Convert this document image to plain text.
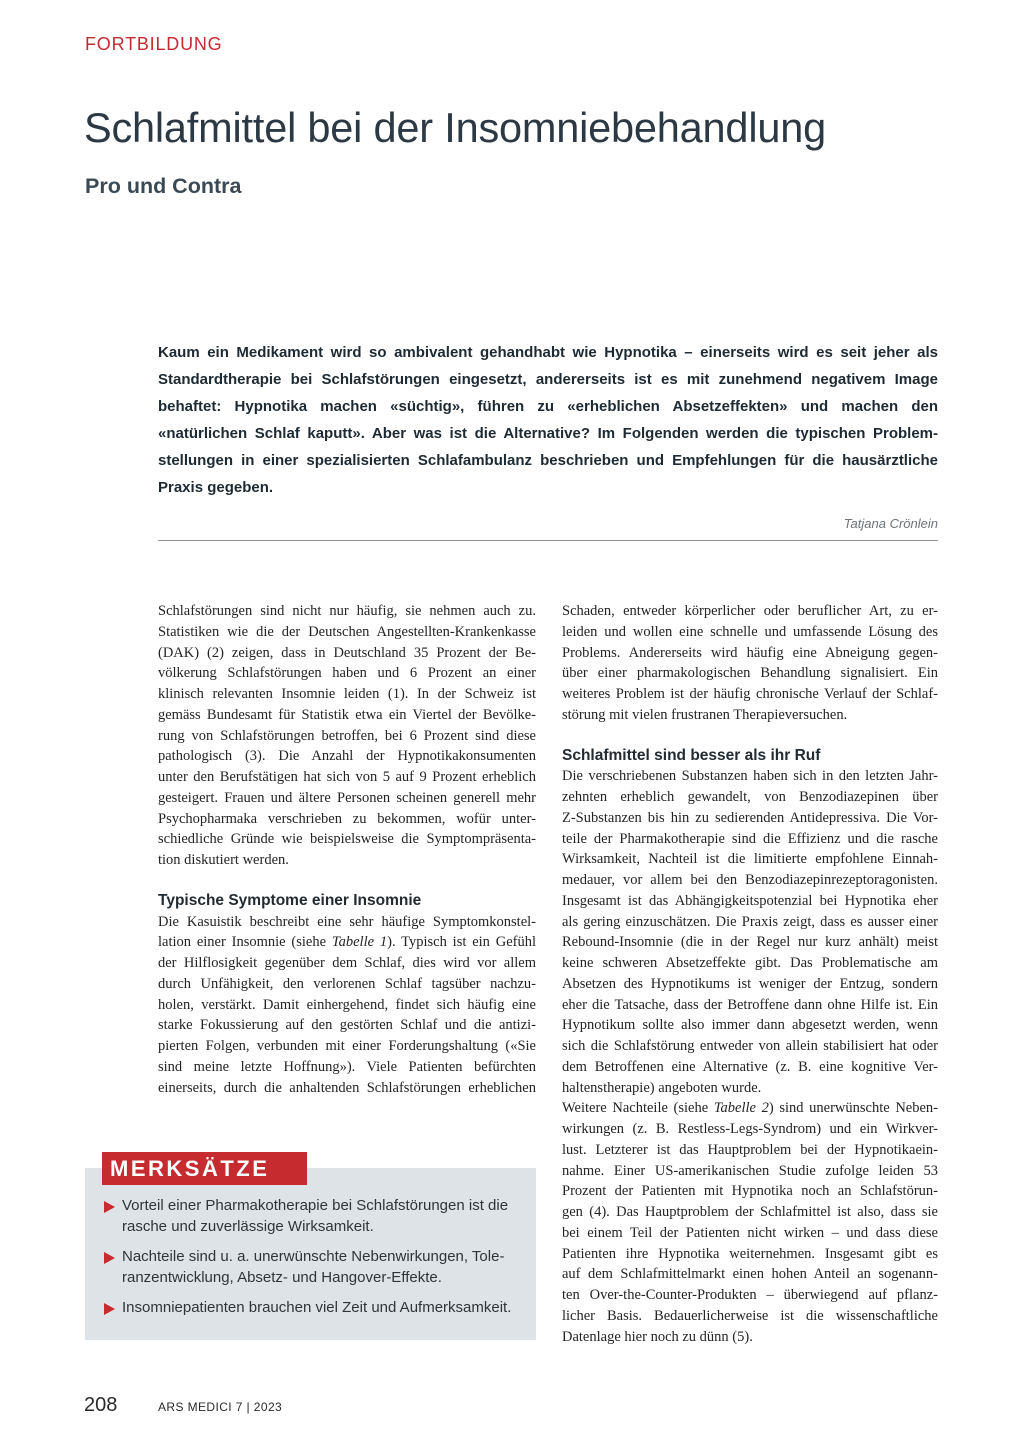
FORTBILDUNG
Schlafmittel bei der Insomniebehandlung
Pro und Contra
Kaum ein Medikament wird so ambivalent gehandhabt wie Hypnotika – einerseits wird es seit jeher als
Standardtherapie bei Schlafstörungen eingesetzt, andererseits ist es mit zunehmend negativem Image
behaftet: Hypnotika machen «süchtig», führen zu «erheblichen Absetzeffekten» und machen den
«natürlichen Schlaf kaputt». Aber was ist die Alternative? Im Folgenden werden die typischen Problem-
stellungen in einer spezialisierten Schlafambulanz beschrieben und Empfehlungen für die hausärztliche
Praxis gegeben.
Tatjana Crönlein
Schlafstörungen sind nicht nur häufig, sie nehmen auch zu.
Statistiken wie die der Deutschen Angestellten-Krankenkasse
(DAK) (2) zeigen, dass in Deutschland 35 Prozent der Be-
völkerung Schlafstörungen haben und 6 Prozent an einer
klinisch relevanten Insomnie leiden (1). In der Schweiz ist
gemäss Bundesamt für Statistik etwa ein Viertel der Bevölke-
rung von Schlafstörungen betroffen, bei 6 Prozent sind diese
pathologisch (3). Die Anzahl der Hypnotikakonsumenten
unter den Berufstätigen hat sich von 5 auf 9 Prozent erheblich
gesteigert. Frauen und ältere Personen scheinen generell mehr
Psychopharmaka verschrieben zu bekommen, wofür unter-
schiedliche Gründe wie beispielsweise die Symptompräsenta-
tion diskutiert werden.
Typische Symptome einer Insomnie
Die Kasuistik beschreibt eine sehr häufige Symptomkonstel-
lation einer Insomnie (siehe Tabelle 1). Typisch ist ein Gefühl
der Hilflosigkeit gegenüber dem Schlaf, dies wird vor allem
durch Unfähigkeit, den verlorenen Schlaf tagsüber nachzu-
holen, verstärkt. Damit einhergehend, findet sich häufig eine
starke Fokussierung auf den gestörten Schlaf und die antizi-
pierten Folgen, verbunden mit einer Forderungshaltung («Sie
sind meine letzte Hoffnung»). Viele Patienten befürchten
einerseits, durch die anhaltenden Schlafstörungen erheblichen
Schaden, entweder körperlicher oder beruflicher Art, zu er-
leiden und wollen eine schnelle und umfassende Lösung des
Problems. Andererseits wird häufig eine Abneigung gegen-
über einer pharmakologischen Behandlung signalisiert. Ein
weiteres Problem ist der häufig chronische Verlauf der Schlaf-
störung mit vielen frustranen Therapieversuchen.
Schlafmittel sind besser als ihr Ruf
Die verschriebenen Substanzen haben sich in den letzten Jahr-
zehnten erheblich gewandelt, von Benzodiazepinen über
Z-Substanzen bis hin zu sedierenden Antidepressiva. Die Vor-
teile der Pharmakotherapie sind die Effizienz und die rasche
Wirksamkeit, Nachteil ist die limitierte empfohlene Einnah-
medauer, vor allem bei den Benzodiazepinrezeptoragonisten.
Insgesamt ist das Abhängigkeitspotenzial bei Hypnotika eher
als gering einzuschätzen. Die Praxis zeigt, dass es ausser einer
Rebound-Insomnie (die in der Regel nur kurz anhält) meist
keine schweren Absetzeffekte gibt. Das Problematische am
Absetzen des Hypnotikums ist weniger der Entzug, sondern
eher die Tatsache, dass der Betroffene dann ohne Hilfe ist. Ein
Hypnotikum sollte also immer dann abgesetzt werden, wenn
sich die Schlafstörung entweder von allein stabilisiert hat oder
dem Betroffenen eine Alternative (z. B. eine kognitive Ver-
haltenstherapie) angeboten wurde.
Weitere Nachteile (siehe Tabelle 2) sind unerwünschte Neben-
wirkungen (z. B. Restless-Legs-Syndrom) und ein Wirkver-
lust. Letzterer ist das Hauptproblem bei der Hypnotikaein-
nahme. Einer US-amerikanischen Studie zufolge leiden 53
Prozent der Patienten mit Hypnotika noch an Schlafstörun-
gen (4). Das Hauptproblem der Schlafmittel ist also, dass sie
bei einem Teil der Patienten nicht wirken – und dass diese
Patienten ihre Hypnotika weiternehmen. Insgesamt gibt es
auf dem Schlafmittelmarkt einen hohen Anteil an sogenann-
ten Over-the-Counter-Produkten – überwiegend auf pflanz-
licher Basis. Bedauerlicherweise ist die wissenschaftliche
Datenlage hier noch zu dünn (5).
MERKSÄTZE
Vorteil einer Pharmakotherapie bei Schlafstörungen ist die
rasche und zuverlässige Wirksamkeit.
Nachteile sind u. a. unerwünschte Nebenwirkungen, Tole-
ranzentwicklung, Absetz- und Hangover-Effekte.
Insomniepatienten brauchen viel Zeit und Aufmerksamkeit.
208	ARS MEDICI 7 | 2023
